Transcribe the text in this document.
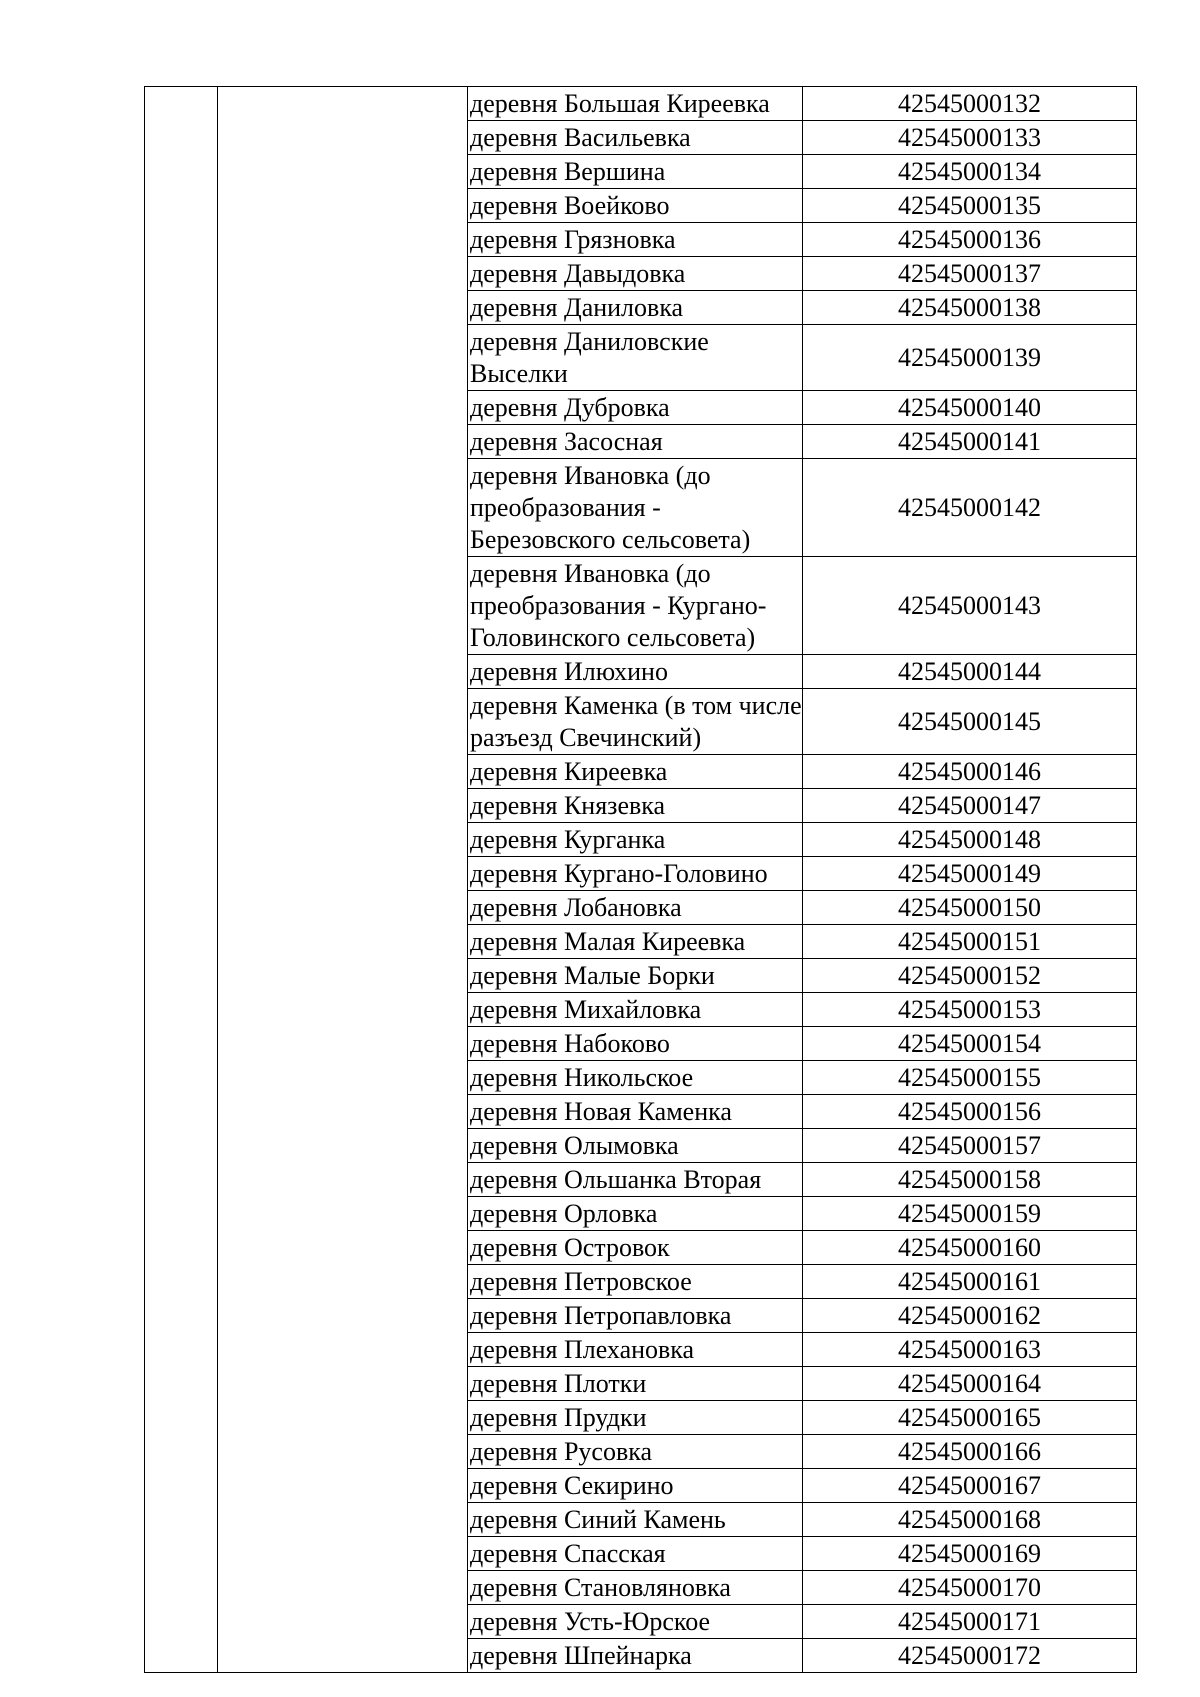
		деревня Большая Киреевка	42545000132
		деревня Васильевка	42545000133
		деревня Вершина	42545000134
		деревня Воейково	42545000135
		деревня Грязновка	42545000136
		деревня Давыдовка	42545000137
		деревня Даниловка	42545000138
		деревня Даниловские Выселки	42545000139
		деревня Дубровка	42545000140
		деревня Засосная	42545000141
		деревня Ивановка (до преобразования - Березовского сельсовета)	42545000142
		деревня Ивановка (до преобразования - Кургано-Головинского сельсовета)	42545000143
		деревня Илюхино	42545000144
		деревня Каменка (в том числе разъезд Свечинский)	42545000145
		деревня Киреевка	42545000146
		деревня Князевка	42545000147
		деревня Курганка	42545000148
		деревня Кургано-Головино	42545000149
		деревня Лобановка	42545000150
		деревня Малая Киреевка	42545000151
		деревня Малые Борки	42545000152
		деревня Михайловка	42545000153
		деревня Набоково	42545000154
		деревня Никольское	42545000155
		деревня Новая Каменка	42545000156
		деревня Олымовка	42545000157
		деревня Ольшанка Вторая	42545000158
		деревня Орловка	42545000159
		деревня Островок	42545000160
		деревня Петровское	42545000161
		деревня Петропавловка	42545000162
		деревня Плехановка	42545000163
		деревня Плотки	42545000164
		деревня Прудки	42545000165
		деревня Русовка	42545000166
		деревня Секирино	42545000167
		деревня Синий Камень	42545000168
		деревня Спасская	42545000169
		деревня Становляновка	42545000170
		деревня Усть-Юрское	42545000171
		деревня Шпейнарка	42545000172
